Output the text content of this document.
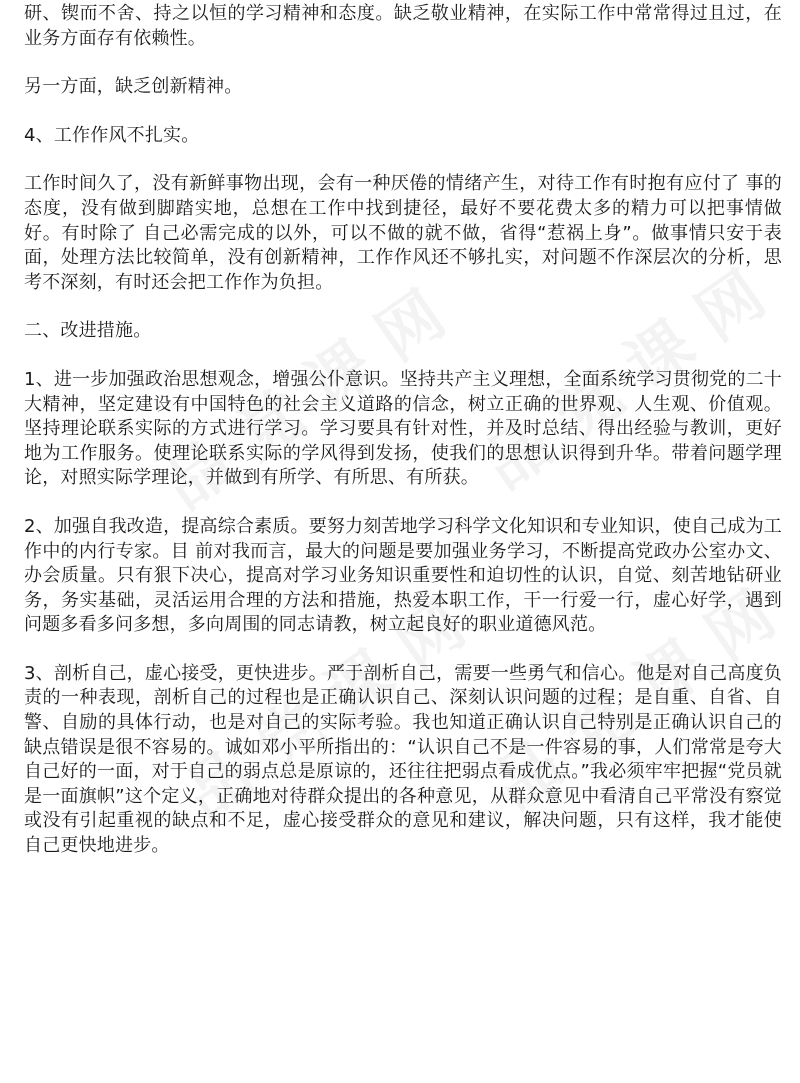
研、锲而不舍、持之以恒的学习精神和态度。缺乏敬业精神，在实际工作中常常得过且过，在业务方面存有依赖性。

另一方面，缺乏创新精神。

4、工作作风不扎实。

工作时间久了，没有新鲜事物出现，会有一种厌倦的情绪产生，对待工作有时抱有应付了 事的态度，没有做到脚踏实地，总想在工作中找到捷径，最好不要花费太多的精力可以把事情做好。有时除了 自己必需完成的以外，可以不做的就不做，省得“惹祸上身”。做事情只安于表面，处理方法比较简单，没有创新精神，工作作风还不够扎实，对问题不作深层次的分析，思考不深刻，有时还会把工作作为负担。

二、改进措施。

1、进一步加强政治思想观念，增强公仆意识。坚持共产主义理想，全面系统学习贯彻党的二十大精神，坚定建设有中国特色的社会主义道路的信念，树立正确的世界观、人生观、价值观。坚持理论联系实际的方式进行学习。学习要具有针对性，并及时总结、得出经验与教训，更好地为工作服务。使理论联系实际的学风得到发扬，使我们的思想认识得到升华。带着问题学理论，对照实际学理论，并做到有所学、有所思、有所获。

2、加强自我改造，提高综合素质。要努力刻苦地学习科学文化知识和专业知识，使自己成为工作中的内行专家。目 前对我而言，最大的问题是要加强业务学习，不断提高党政办公室办文、办会质量。只有狠下决心，提高对学习业务知识重要性和迫切性的认识，自觉、刻苦地钻研业务，务实基础，灵活运用合理的方法和措施，热爱本职工作，干一行爱一行，虚心好学，遇到问题多看多问多想，多向周围的同志请教，树立起良好的职业道德风范。

3、剖析自己，虚心接受，更快进步。严于剖析自己，需要一些勇气和信心。他是对自己高度负责的一种表现，剖析自己的过程也是正确认识自己、深刻认识问题的过程；是自重、自省、自警、自励的具体行动，也是对自己的实际考验。我也知道正确认识自己特别是正确认识自己的缺点错误是很不容易的。诚如邓小平所指出的：“认识自己不是一件容易的事，人们常常是夸大自己好的一面，对于自己的弱点总是原谅的，还往往把弱点看成优点。”我必须牢牢把握“党员就是一面旗帜”这个定义，正确地对待群众提出的各种意见，从群众意见中看清自己平常没有察觉或没有引起重视的缺点和不足，虚心接受群众的意见和建议，解决问题，只有这样，我才能使自己更快地进步。
